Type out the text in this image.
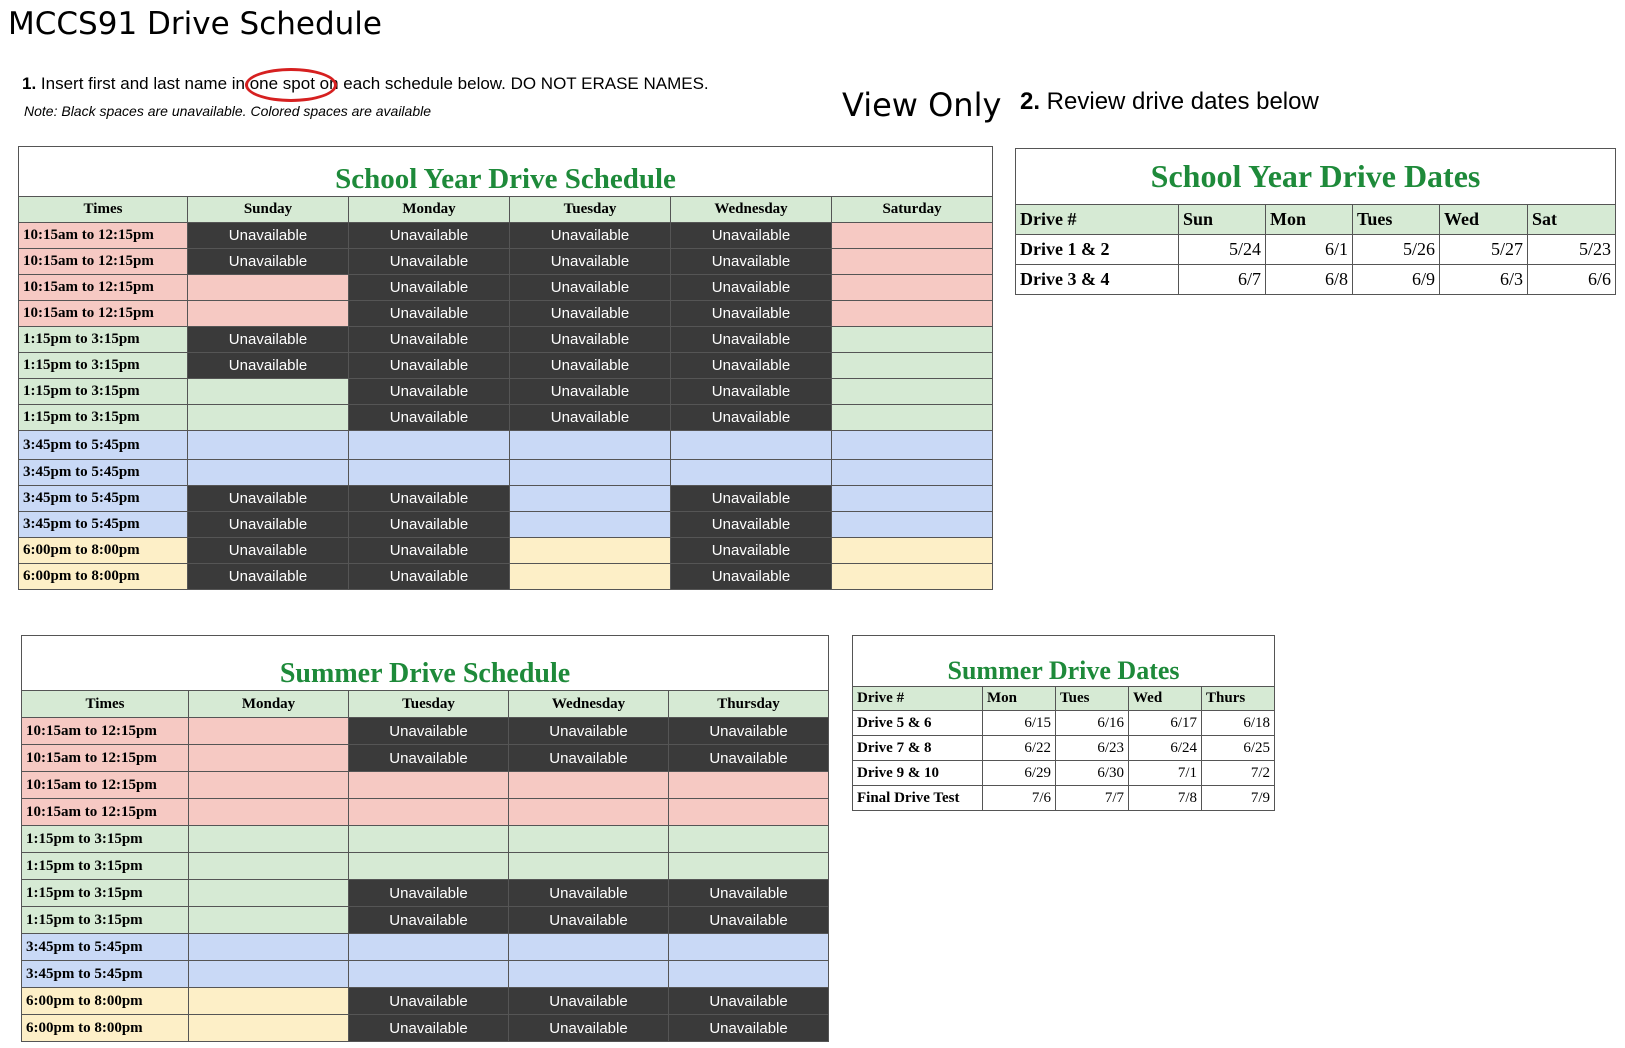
MCCS91 Drive Schedule
1. Insert first and last name in one spot on each schedule below. DO NOT ERASE NAMES.
Note: Black spaces are unavailable. Colored spaces are available	View Only 2. Review drive dates below
School Year Drive Schedule					
Times	Sunday	Monday	Tuesday	Wednesday	Saturday
10:15am to 12:15pm	Unavailable	Unavailable	Unavailable	Unavailable	
10:15am to 12:15pm	Unavailable	Unavailable	Unavailable	Unavailable	
10:15am to 12:15pm		Unavailable	Unavailable	Unavailable	
10:15am to 12:15pm		Unavailable	Unavailable	Unavailable	
1:15pm to 3:15pm	Unavailable	Unavailable	Unavailable	Unavailable	
1:15pm to 3:15pm	Unavailable	Unavailable	Unavailable	Unavailable	
1:15pm to 3:15pm		Unavailable	Unavailable	Unavailable	
1:15pm to 3:15pm		Unavailable	Unavailable	Unavailable	
3:45pm to 5:45pm					
3:45pm to 5:45pm					
3:45pm to 5:45pm	Unavailable	Unavailable		Unavailable	
3:45pm to 5:45pm	Unavailable	Unavailable		Unavailable	
6:00pm to 8:00pm	Unavailable	Unavailable		Unavailable	
6:00pm to 8:00pm	Unavailable	Unavailable		Unavailable	
School Year Drive Dates					
Drive #	Sun	Mon	Tues	Wed	Sat
Drive 1 & 2	5/24	6/1	5/26	5/27	5/23
Drive 3 & 4	6/7	6/8	6/9	6/3	6/6
Summer Drive Schedule				
Times	Monday	Tuesday	Wednesday	Thursday
10:15am to 12:15pm		Unavailable	Unavailable	Unavailable
10:15am to 12:15pm		Unavailable	Unavailable	Unavailable
10:15am to 12:15pm				
10:15am to 12:15pm				
1:15pm to 3:15pm				
1:15pm to 3:15pm				
1:15pm to 3:15pm		Unavailable	Unavailable	Unavailable
1:15pm to 3:15pm		Unavailable	Unavailable	Unavailable
3:45pm to 5:45pm				
3:45pm to 5:45pm				
6:00pm to 8:00pm		Unavailable	Unavailable	Unavailable
6:00pm to 8:00pm		Unavailable	Unavailable	Unavailable
Summer Drive Dates				
Drive #	Mon	Tues	Wed	Thurs
Drive 5 & 6	6/15	6/16	6/17	6/18
Drive 7 & 8	6/22	6/23	6/24	6/25
Drive 9 & 10	6/29	6/30	7/1	7/2
Final Drive Test	7/6	7/7	7/8	7/9
